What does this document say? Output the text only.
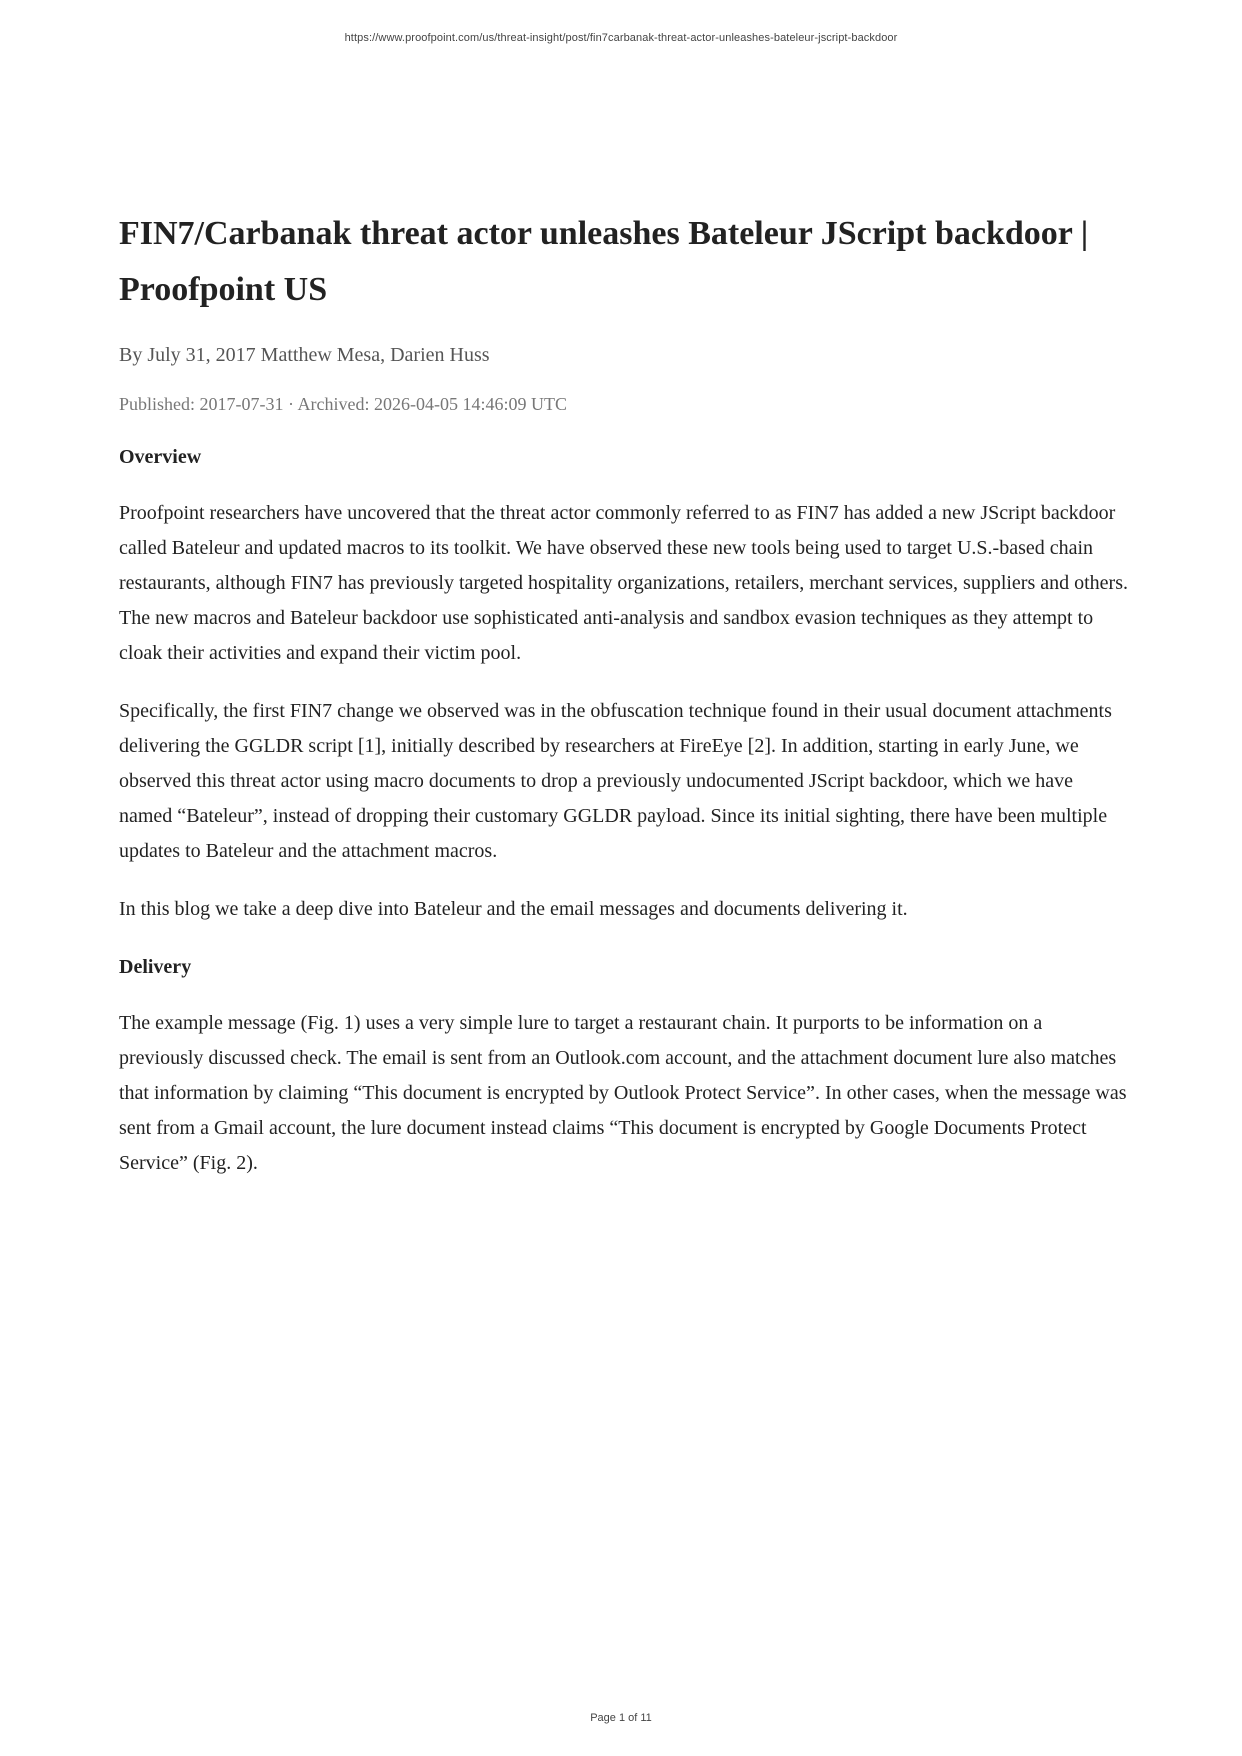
https://www.proofpoint.com/us/threat-insight/post/fin7carbanak-threat-actor-unleashes-bateleur-jscript-backdoor
FIN7/Carbanak threat actor unleashes Bateleur JScript backdoor | Proofpoint US
By July 31, 2017 Matthew Mesa, Darien Huss
Published: 2017-07-31 · Archived: 2026-04-05 14:46:09 UTC
Overview

Proofpoint researchers have uncovered that the threat actor commonly referred to as FIN7 has added a new JScript backdoor called Bateleur and updated macros to its toolkit. We have observed these new tools being used to target U.S.-based chain restaurants, although FIN7 has previously targeted hospitality organizations, retailers, merchant services, suppliers and others. The new macros and Bateleur backdoor use sophisticated anti-analysis and sandbox evasion techniques as they attempt to cloak their activities and expand their victim pool.

Specifically, the first FIN7 change we observed was in the obfuscation technique found in their usual document attachments delivering the GGLDR script [1], initially described by researchers at FireEye [2]. In addition, starting in early June, we observed this threat actor using macro documents to drop a previously undocumented JScript backdoor, which we have named “Bateleur”, instead of dropping their customary GGLDR payload. Since its initial sighting, there have been multiple updates to Bateleur and the attachment macros.

In this blog we take a deep dive into Bateleur and the email messages and documents delivering it.

Delivery

The example message (Fig. 1) uses a very simple lure to target a restaurant chain. It purports to be information on a previously discussed check. The email is sent from an Outlook.com account, and the attachment document lure also matches that information by claiming “This document is encrypted by Outlook Protect Service”. In other cases, when the message was sent from a Gmail account, the lure document instead claims “This document is encrypted by Google Documents Protect Service” (Fig. 2).

Page 1 of 11
